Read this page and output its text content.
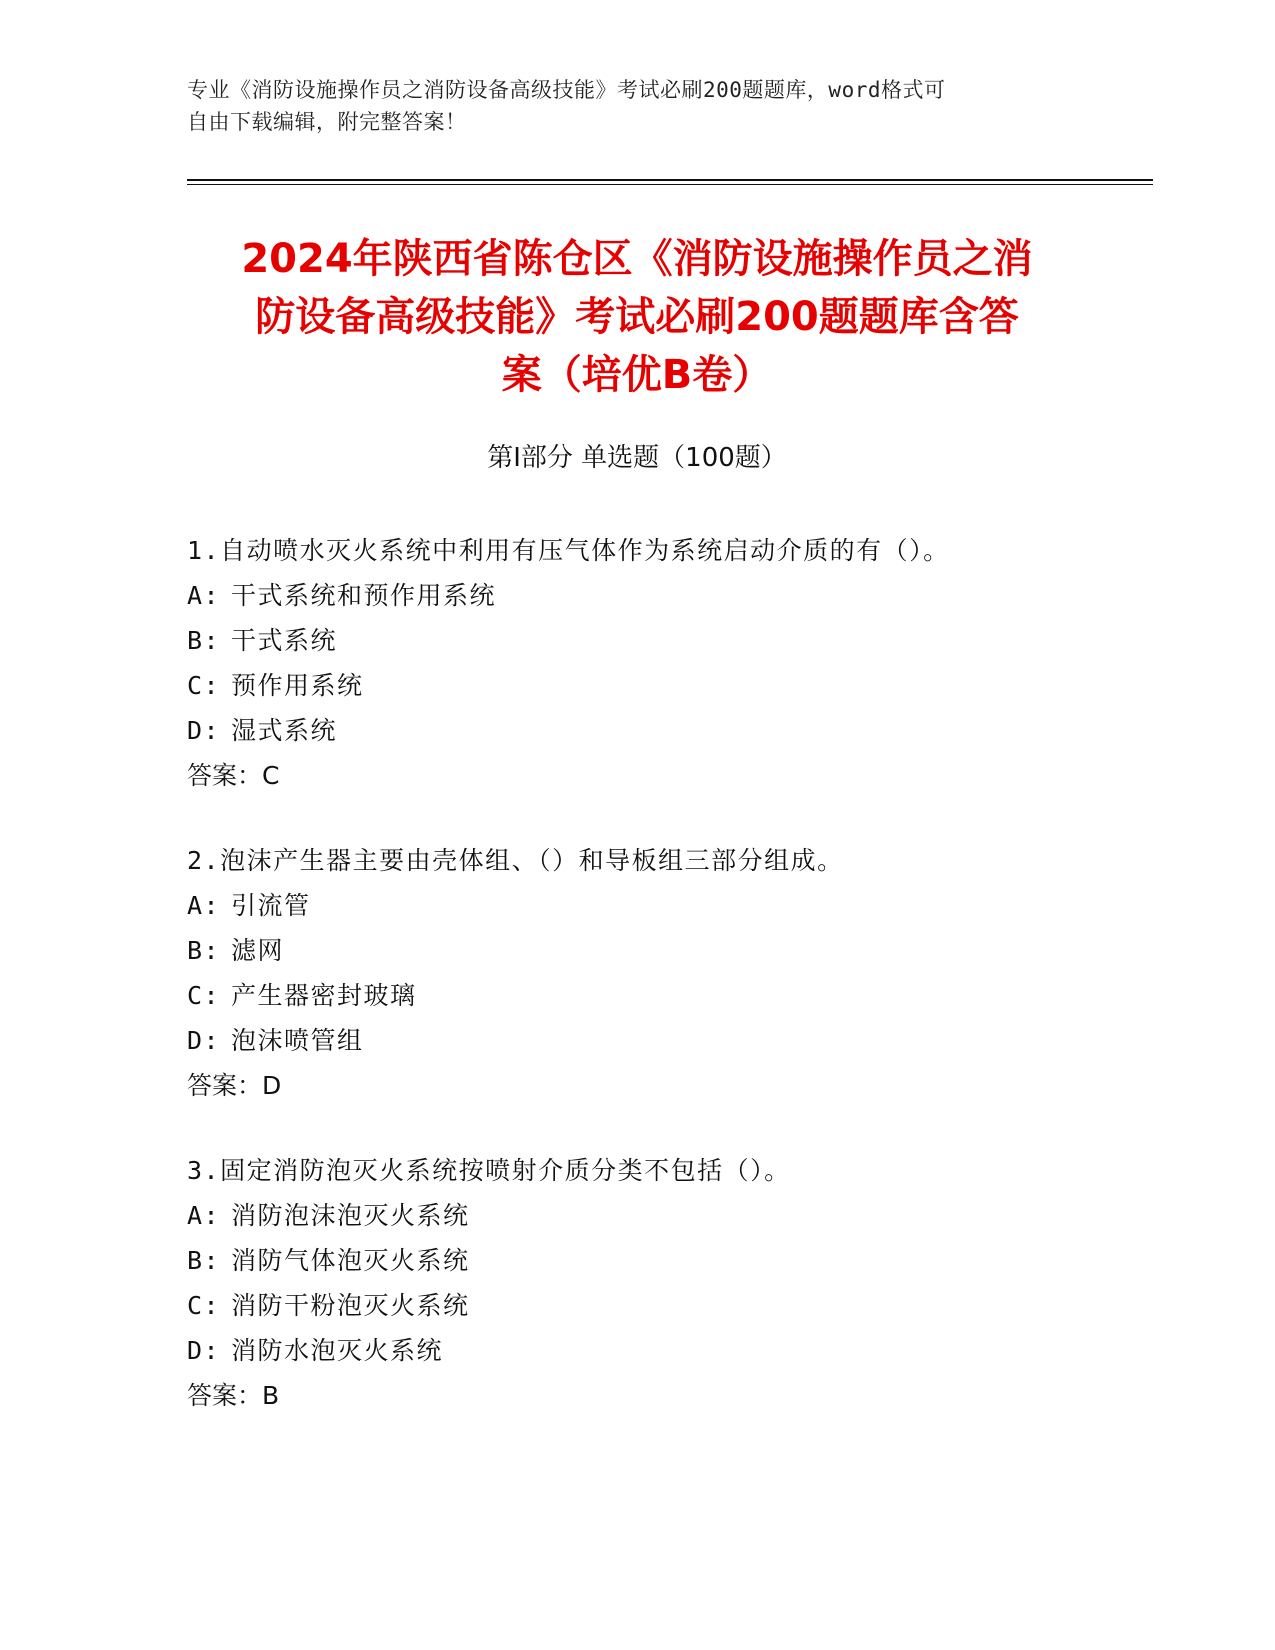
专业《消防设施操作员之消防设备高级技能》考试必刷200题题库，word格式可
自由下载编辑，附完整答案！
2024年陕西省陈仓区《消防设施操作员之消
防设备高级技能》考试必刷200题题库含答
案（培优B卷）
第Ⅰ部分 单选题（100题）
1.自动喷水灭火系统中利用有压气体作为系统启动介质的有（）。
A: 干式系统和预作用系统
B: 干式系统
C: 预作用系统
D: 湿式系统
答案：C
2.泡沫产生器主要由壳体组、（）和导板组三部分组成。
A: 引流管
B: 滤网
C: 产生器密封玻璃
D: 泡沫喷管组
答案：D
3.固定消防泡灭火系统按喷射介质分类不包括（）。
A: 消防泡沫泡灭火系统
B: 消防气体泡灭火系统
C: 消防干粉泡灭火系统
D: 消防水泡灭火系统
答案：B
